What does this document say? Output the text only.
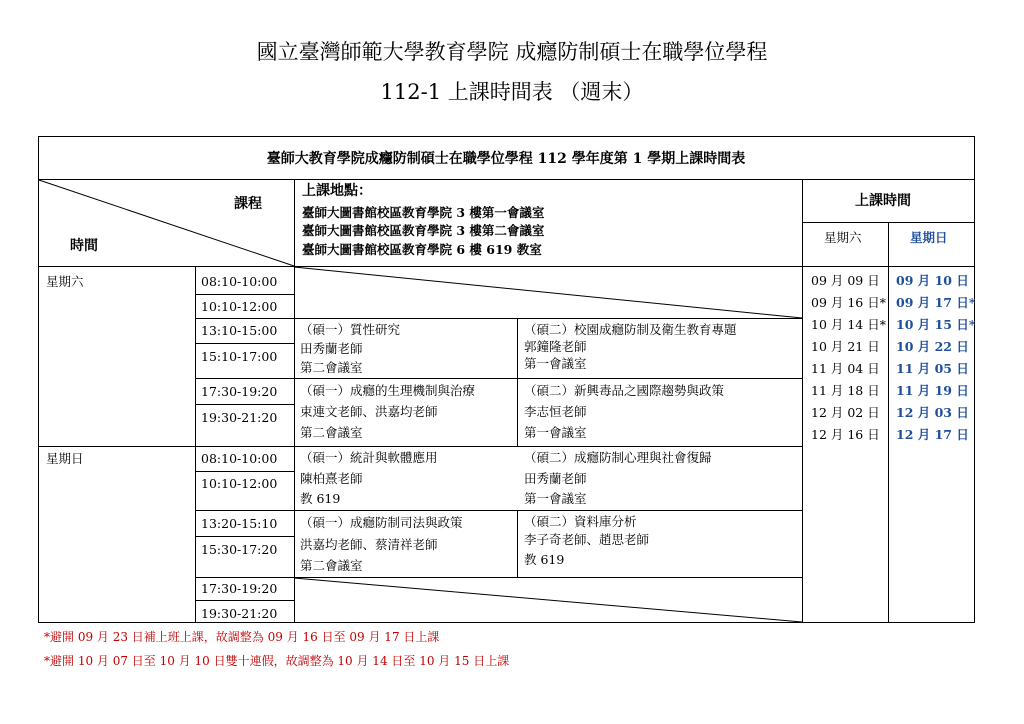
國立臺灣師範大學教育學院 成癮防制碩士在職學位學程
112-1 上課時間表 （週末）
臺師大教育學院成癮防制碩士在職學位學程 112 學年度第 1 學期上課時間表
課程
時間
上課地點：
臺師大圖書館校區教育學院 3 樓第一會議室
臺師大圖書館校區教育學院 3 樓第二會議室
臺師大圖書館校區教育學院 6 樓 619 教室
上課時間
星期六	星期日
星期六
星期日
08:10-10:00
10:10-12:00
13:10-15:00
15:10-17:00
17:30-19:20
19:30-21:20
08:10-10:00
10:10-12:00
13:20-15:10
15:30-17:20
17:30-19:20
19:30-21:20
（碩一）質性研究
田秀蘭老師
第二會議室
（碩二）校園成癮防制及衛生教育專題
郭鐘隆老師
第一會議室
（碩一）成癮的生理機制與治療
束連文老師、洪嘉均老師
第二會議室
（碩二）新興毒品之國際趨勢與政策
李志恒老師
第一會議室
（碩一）統計與軟體應用
陳柏熹老師
教 619
（碩二）成癮防制心理與社會復歸
田秀蘭老師
第一會議室
（碩一）成癮防制司法與政策
洪嘉均老師、蔡清祥老師
第二會議室
（碩二）資料庫分析
李子奇老師、趙思老師
教 619
09 月 09 日
09 月 16 日*
10 月 14 日*
10 月 21 日
11 月 04 日
11 月 18 日
12 月 02 日
12 月 16 日
09 月 10 日
09 月 17 日*
10 月 15 日*
10 月 22 日
11 月 05 日
11 月 19 日
12 月 03 日
12 月 17 日
*避開 09 月 23 日補上班上課，故調整為 09 月 16 日至 09 月 17 日上課
*避開 10 月 07 日至 10 月 10 日雙十連假，故調整為 10 月 14 日至 10 月 15 日上課
